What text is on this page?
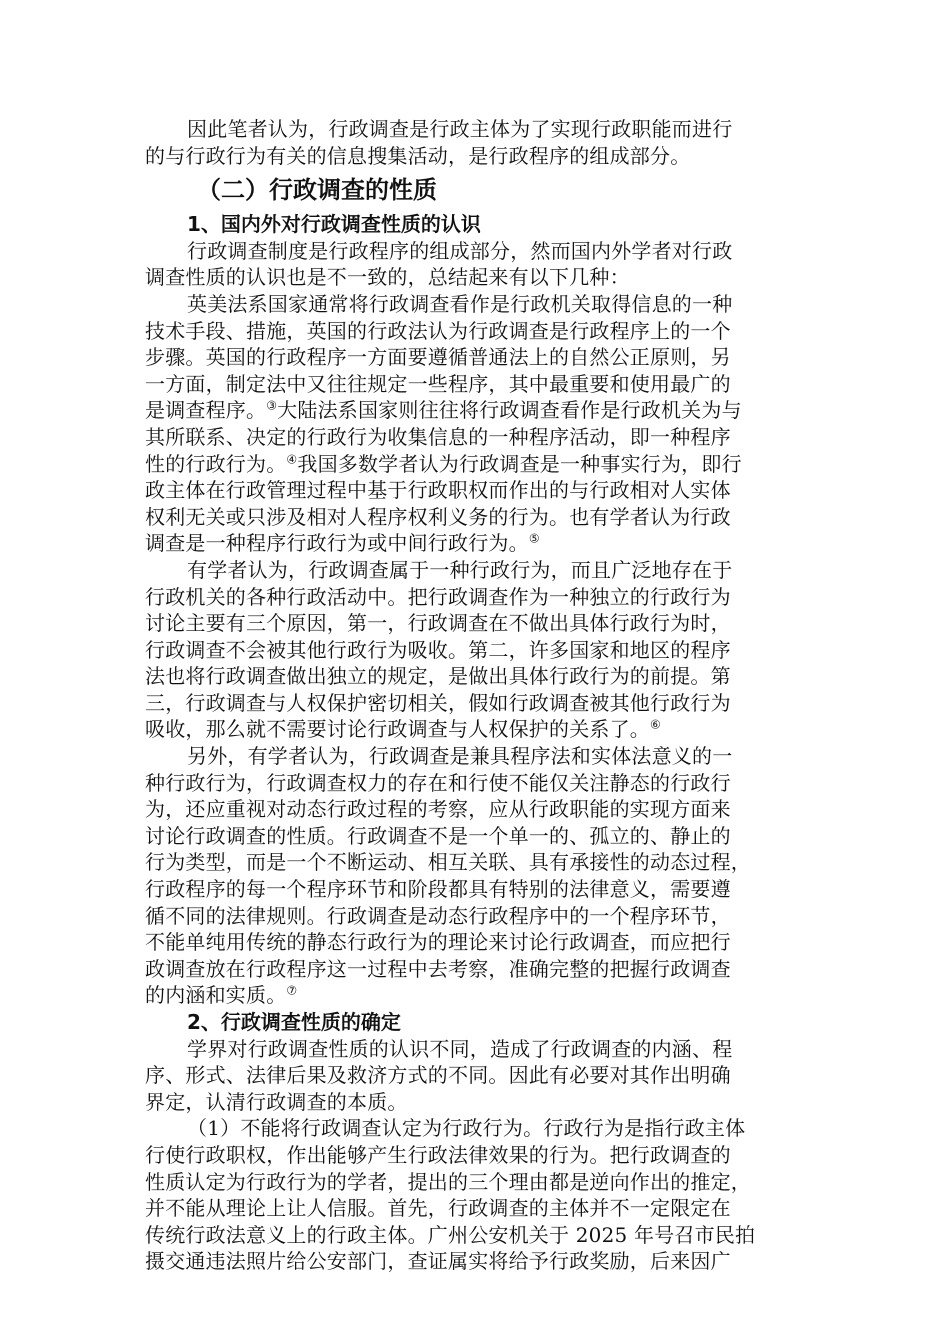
因此笔者认为，行政调查是行政主体为了实现行政职能而进行
的与行政行为有关的信息搜集活动，是行政程序的组成部分。
（二）行政调查的性质
1、国内外对行政调查性质的认识
行政调查制度是行政程序的组成部分，然而国内外学者对行政
调查性质的认识也是不一致的，总结起来有以下几种：
英美法系国家通常将行政调查看作是行政机关取得信息的一种
技术手段、措施，英国的行政法认为行政调查是行政程序上的一个
步骤。英国的行政程序一方面要遵循普通法上的自然公正原则，另
一方面，制定法中又往往规定一些程序，其中最重要和使用最广的
是调查程序。③大陆法系国家则往往将行政调查看作是行政机关为与
其所联系、决定的行政行为收集信息的一种程序活动，即一种程序
性的行政行为。④我国多数学者认为行政调查是一种事实行为，即行
政主体在行政管理过程中基于行政职权而作出的与行政相对人实体
权利无关或只涉及相对人程序权利义务的行为。也有学者认为行政
调查是一种程序行政行为或中间行政行为。⑤
有学者认为，行政调查属于一种行政行为，而且广泛地存在于
行政机关的各种行政活动中。把行政调查作为一种独立的行政行为
讨论主要有三个原因，第一，行政调查在不做出具体行政行为时，
行政调查不会被其他行政行为吸收。第二，许多国家和地区的程序
法也将行政调查做出独立的规定，是做出具体行政行为的前提。第
三，行政调查与人权保护密切相关，假如行政调查被其他行政行为
吸收，那么就不需要讨论行政调查与人权保护的关系了。⑥
另外，有学者认为，行政调查是兼具程序法和实体法意义的一
种行政行为，行政调查权力的存在和行使不能仅关注静态的行政行
为，还应重视对动态行政过程的考察，应从行政职能的实现方面来
讨论行政调查的性质。行政调查不是一个单一的、孤立的、静止的
行为类型，而是一个不断运动、相互关联、具有承接性的动态过程，
行政程序的每一个程序环节和阶段都具有特别的法律意义，需要遵
循不同的法律规则。行政调查是动态行政程序中的一个程序环节，
不能单纯用传统的静态行政行为的理论来讨论行政调查，而应把行
政调查放在行政程序这一过程中去考察，准确完整的把握行政调查
的内涵和实质。⑦
2、行政调查性质的确定
学界对行政调查性质的认识不同，造成了行政调查的内涵、程
序、形式、法律后果及救济方式的不同。因此有必要对其作出明确
界定，认清行政调查的本质。
（1）不能将行政调查认定为行政行为。行政行为是指行政主体
行使行政职权，作出能够产生行政法律效果的行为。把行政调查的
性质认定为行政行为的学者，提出的三个理由都是逆向作出的推定，
并不能从理论上让人信服。首先，行政调查的主体并不一定限定在
传统行政法意义上的行政主体。广州公安机关于 2025 年号召市民拍
摄交通违法照片给公安部门，查证属实将给予行政奖励，后来因广
